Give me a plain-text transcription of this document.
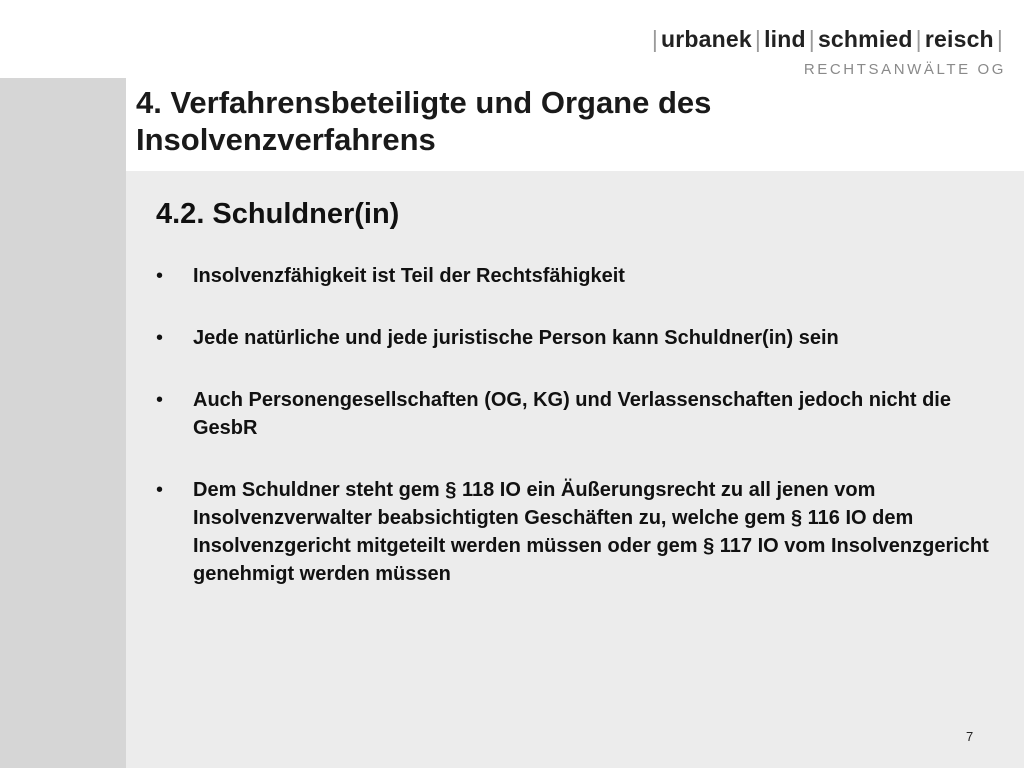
| urbanek | lind | schmied | reisch |
RECHTSANWÄLTE OG
4. Verfahrensbeteiligte und Organe des Insolvenzverfahrens
4.2. Schuldner(in)
• Insolvenzfähigkeit ist Teil der Rechtsfähigkeit
• Jede natürliche und jede juristische Person kann Schuldner(in) sein
• Auch Personengesellschaften (OG, KG) und Verlassenschaften jedoch nicht die GesbR
• Dem Schuldner steht gem § 118 IO ein Äußerungsrecht zu all jenen vom Insolvenzverwalter beabsichtigten Geschäften zu, welche gem § 116 IO dem Insolvenzgericht mitgeteilt werden müssen oder gem § 117 IO vom Insolvenzgericht genehmigt werden müssen
7
